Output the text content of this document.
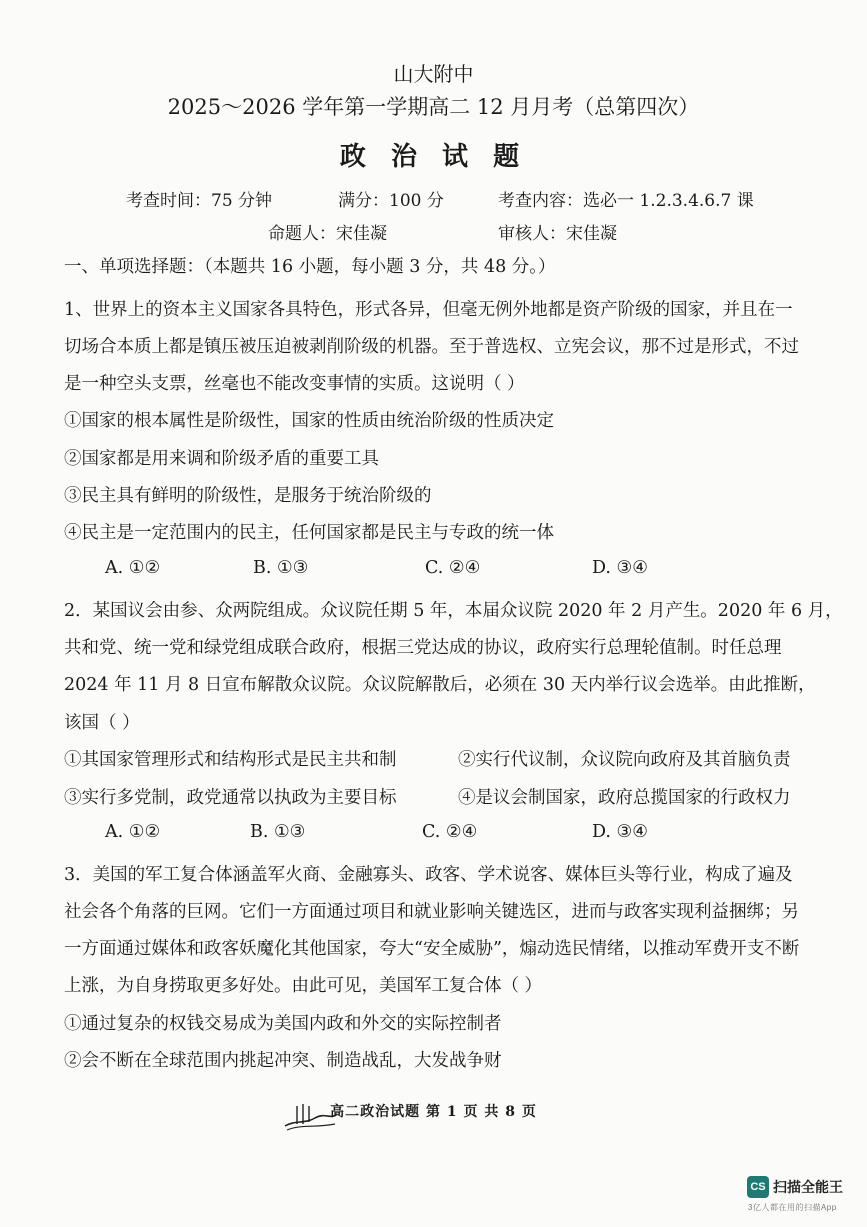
山大附中
2025～2026 学年第一学期高二 12 月月考（总第四次）
政 治 试 题
考查时间：75 分钟	满分：100 分	考查内容：选必一 1.2.3.4.6.7 课
命题人：宋佳凝	审核人：宋佳凝
一、单项选择题：（本题共 16 小题，每小题 3 分，共 48 分。）
1、世界上的资本主义国家各具特色，形式各异，但毫无例外地都是资产阶级的国家，并且在一
切场合本质上都是镇压被压迫被剥削阶级的机器。至于普选权、立宪会议，那不过是形式，不过
是一种空头支票，丝毫也不能改变事情的实质。这说明（ ）
①国家的根本属性是阶级性，国家的性质由统治阶级的性质决定
②国家都是用来调和阶级矛盾的重要工具
③民主具有鲜明的阶级性，是服务于统治阶级的
④民主是一定范围内的民主，任何国家都是民主与专政的统一体
A. ①②	B. ①③	C. ②④	D. ③④
2．某国议会由参、众两院组成。众议院任期 5 年，本届众议院 2020 年 2 月产生。2020 年 6 月，
共和党、统一党和绿党组成联合政府，根据三党达成的协议，政府实行总理轮值制。时任总理
2024 年 11 月 8 日宣布解散众议院。众议院解散后，必须在 30 天内举行议会选举。由此推断，
该国（ ）
①其国家管理形式和结构形式是民主共和制	②实行代议制，众议院向政府及其首脑负责
③实行多党制，政党通常以执政为主要目标	④是议会制国家，政府总揽国家的行政权力
A. ①②	B. ①③	C. ②④	D. ③④
3．美国的军工复合体涵盖军火商、金融寡头、政客、学术说客、媒体巨头等行业，构成了遍及
社会各个角落的巨网。它们一方面通过项目和就业影响关键选区，进而与政客实现利益捆绑；另
一方面通过媒体和政客妖魔化其他国家，夸大“安全威胁”，煽动选民情绪，以推动军费开支不断
上涨，为自身捞取更多好处。由此可见，美国军工复合体（ ）
①通过复杂的权钱交易成为美国内政和外交的实际控制者
②会不断在全球范围内挑起冲突、制造战乱，大发战争财
高二政治试题 第 1 页 共 8 页
CS 扫描全能王
3亿人都在用的扫描App
